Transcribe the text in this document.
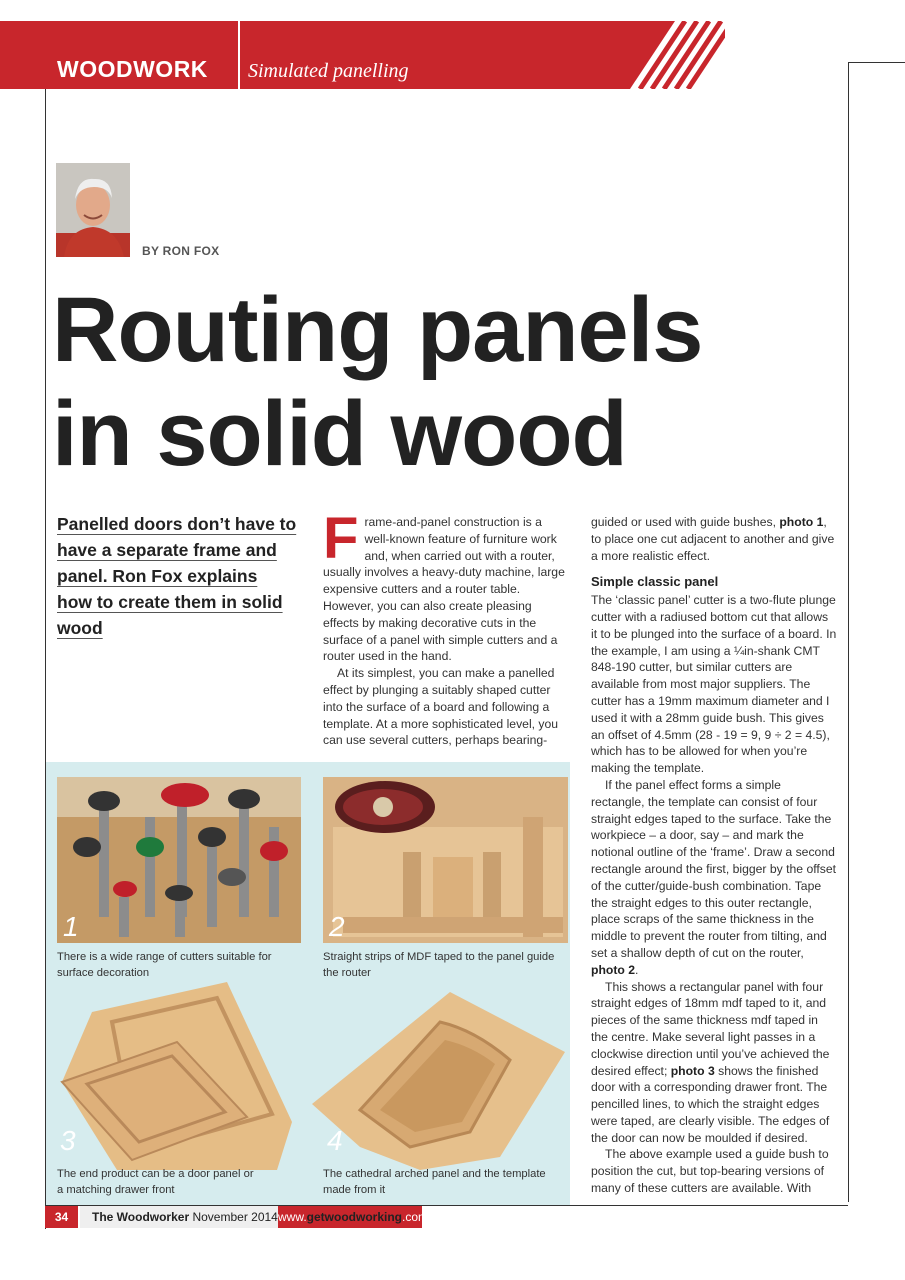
WOODWORK Simulated panelling
BY RON FOX
Routing panels
in solid wood
Panelled doors don’t have to have a separate frame and panel. Ron Fox explains how to create them in solid wood

Frame-and-panel construction is a well-known feature of furniture work and, when carried out with a router, usually involves a heavy-duty machine, large expensive cutters and a router table. However, you can also create pleasing effects by making decorative cuts in the surface of a panel with simple cutters and a router used in the hand.

At its simplest, you can make a panelled effect by plunging a suitably shaped cutter into the surface of a board and following a template. At a more sophisticated level, you can use several cutters, perhaps bearing-

guided or used with guide bushes, photo 1, to place one cut adjacent to another and give a more realistic effect.

Simple classic panel

The ‘classic panel’ cutter is a two-flute plunge cutter with a radiused bottom cut that allows it to be plunged into the surface of a board. In the example, I am using a ¼in-shank CMT 848-190 cutter, but similar cutters are available from most major suppliers. The cutter has a 19mm maximum diameter and I used it with a 28mm guide bush. This gives an offset of 4.5mm (28 - 19 = 9, 9 ÷ 2 = 4.5), which has to be allowed for when you’re making the template.

If the panel effect forms a simple rectangle, the template can consist of four straight edges taped to the surface. Take the workpiece – a door, say – and mark the notional outline of the ‘frame’. Draw a second rectangle around the first, bigger by the offset of the cutter/guide-bush combination. Tape the straight edges to this outer rectangle, place scraps of the same thickness in the middle to prevent the router from tilting, and set a shallow depth of cut on the router, photo 2.

This shows a rectangular panel with four straight edges of 18mm mdf taped to it, and pieces of the same thickness mdf taped in the centre. Make several light passes in a clockwise direction until you’ve achieved the desired effect; photo 3 shows the finished door with a corresponding drawer front. The pencilled lines, to which the straight edges were taped, are clearly visible. The edges of the door can now be moulded if desired.

The above example used a guide bush to position the cut, but top-bearing versions of many of these cutters are available. With

1
There is a wide range of cutters suitable for surface decoration
2
Straight strips of MDF taped to the panel guide the router
3
The end product can be a door panel or a matching drawer front
4
The cathedral arched panel and the template made from it
34	The Woodworker November 2014 www.getwoodworking.com
